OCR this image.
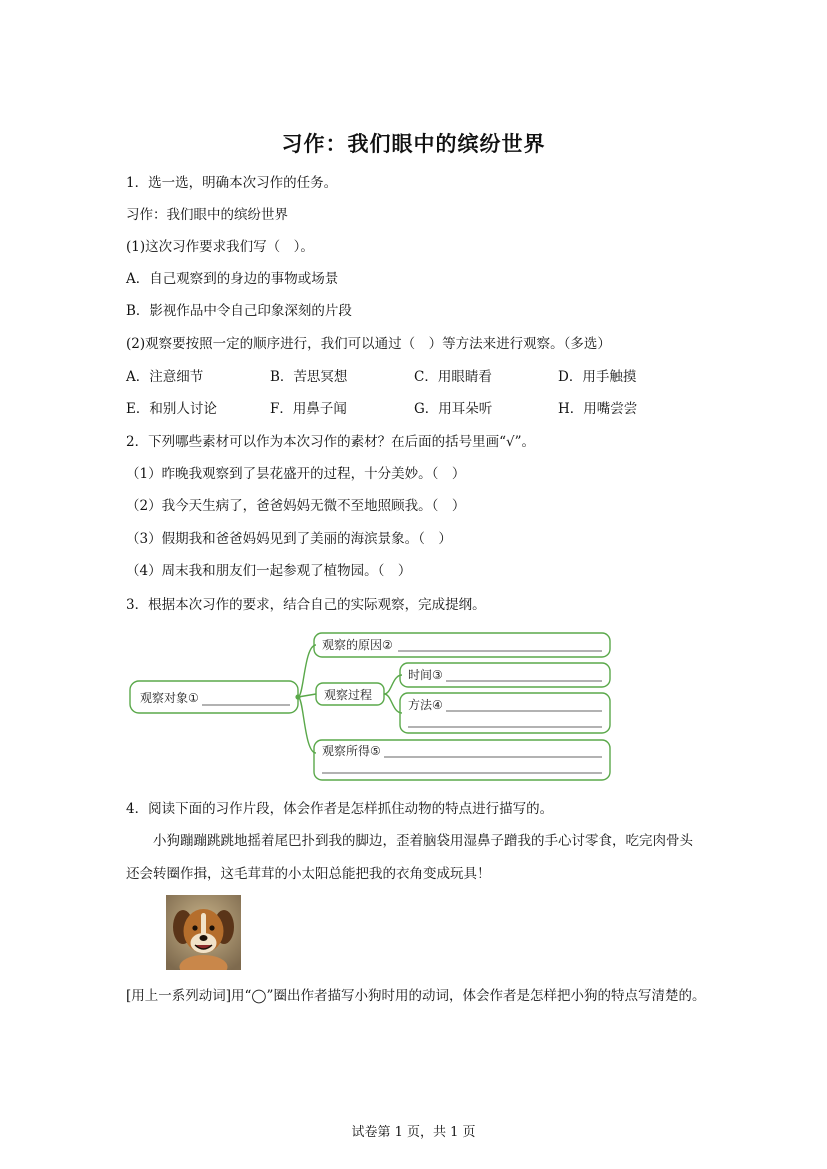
习作：我们眼中的缤纷世界
1．选一选，明确本次习作的任务。
习作：我们眼中的缤纷世界
(1)这次习作要求我们写（　）。
A．自己观察到的身边的事物或场景
B．影视作品中令自己印象深刻的片段
(2)观察要按照一定的顺序进行，我们可以通过（　）等方法来进行观察。（多选）
A．注意细节	B．苦思冥想	C．用眼睛看	D．用手触摸
E．和别人讨论	F．用鼻子闻	G．用耳朵听	H．用嘴尝尝
2．下列哪些素材可以作为本次习作的素材？在后面的括号里画“√”。
（1）昨晚我观察到了昙花盛开的过程，十分美妙。（　）
（2）我今天生病了，爸爸妈妈无微不至地照顾我。（　）
（3）假期我和爸爸妈妈见到了美丽的海滨景象。（　）
（4）周末我和朋友们一起参观了植物园。（　）
3．根据本次习作的要求，结合自己的实际观察，完成提纲。
观察对象①
观察的原因②
观察过程
时间③
方法④
观察所得⑤
4．阅读下面的习作片段，体会作者是怎样抓住动物的特点进行描写的。
小狗蹦蹦跳跳地摇着尾巴扑到我的脚边，歪着脑袋用湿鼻子蹭我的手心讨零食，吃完肉骨头还会转圈作揖，这毛茸茸的小太阳总能把我的衣角变成玩具！
[用上一系列动词]用“◯”圈出作者描写小狗时用的动词，体会作者是怎样把小狗的特点写清楚的。
试卷第 1 页，共 1 页
